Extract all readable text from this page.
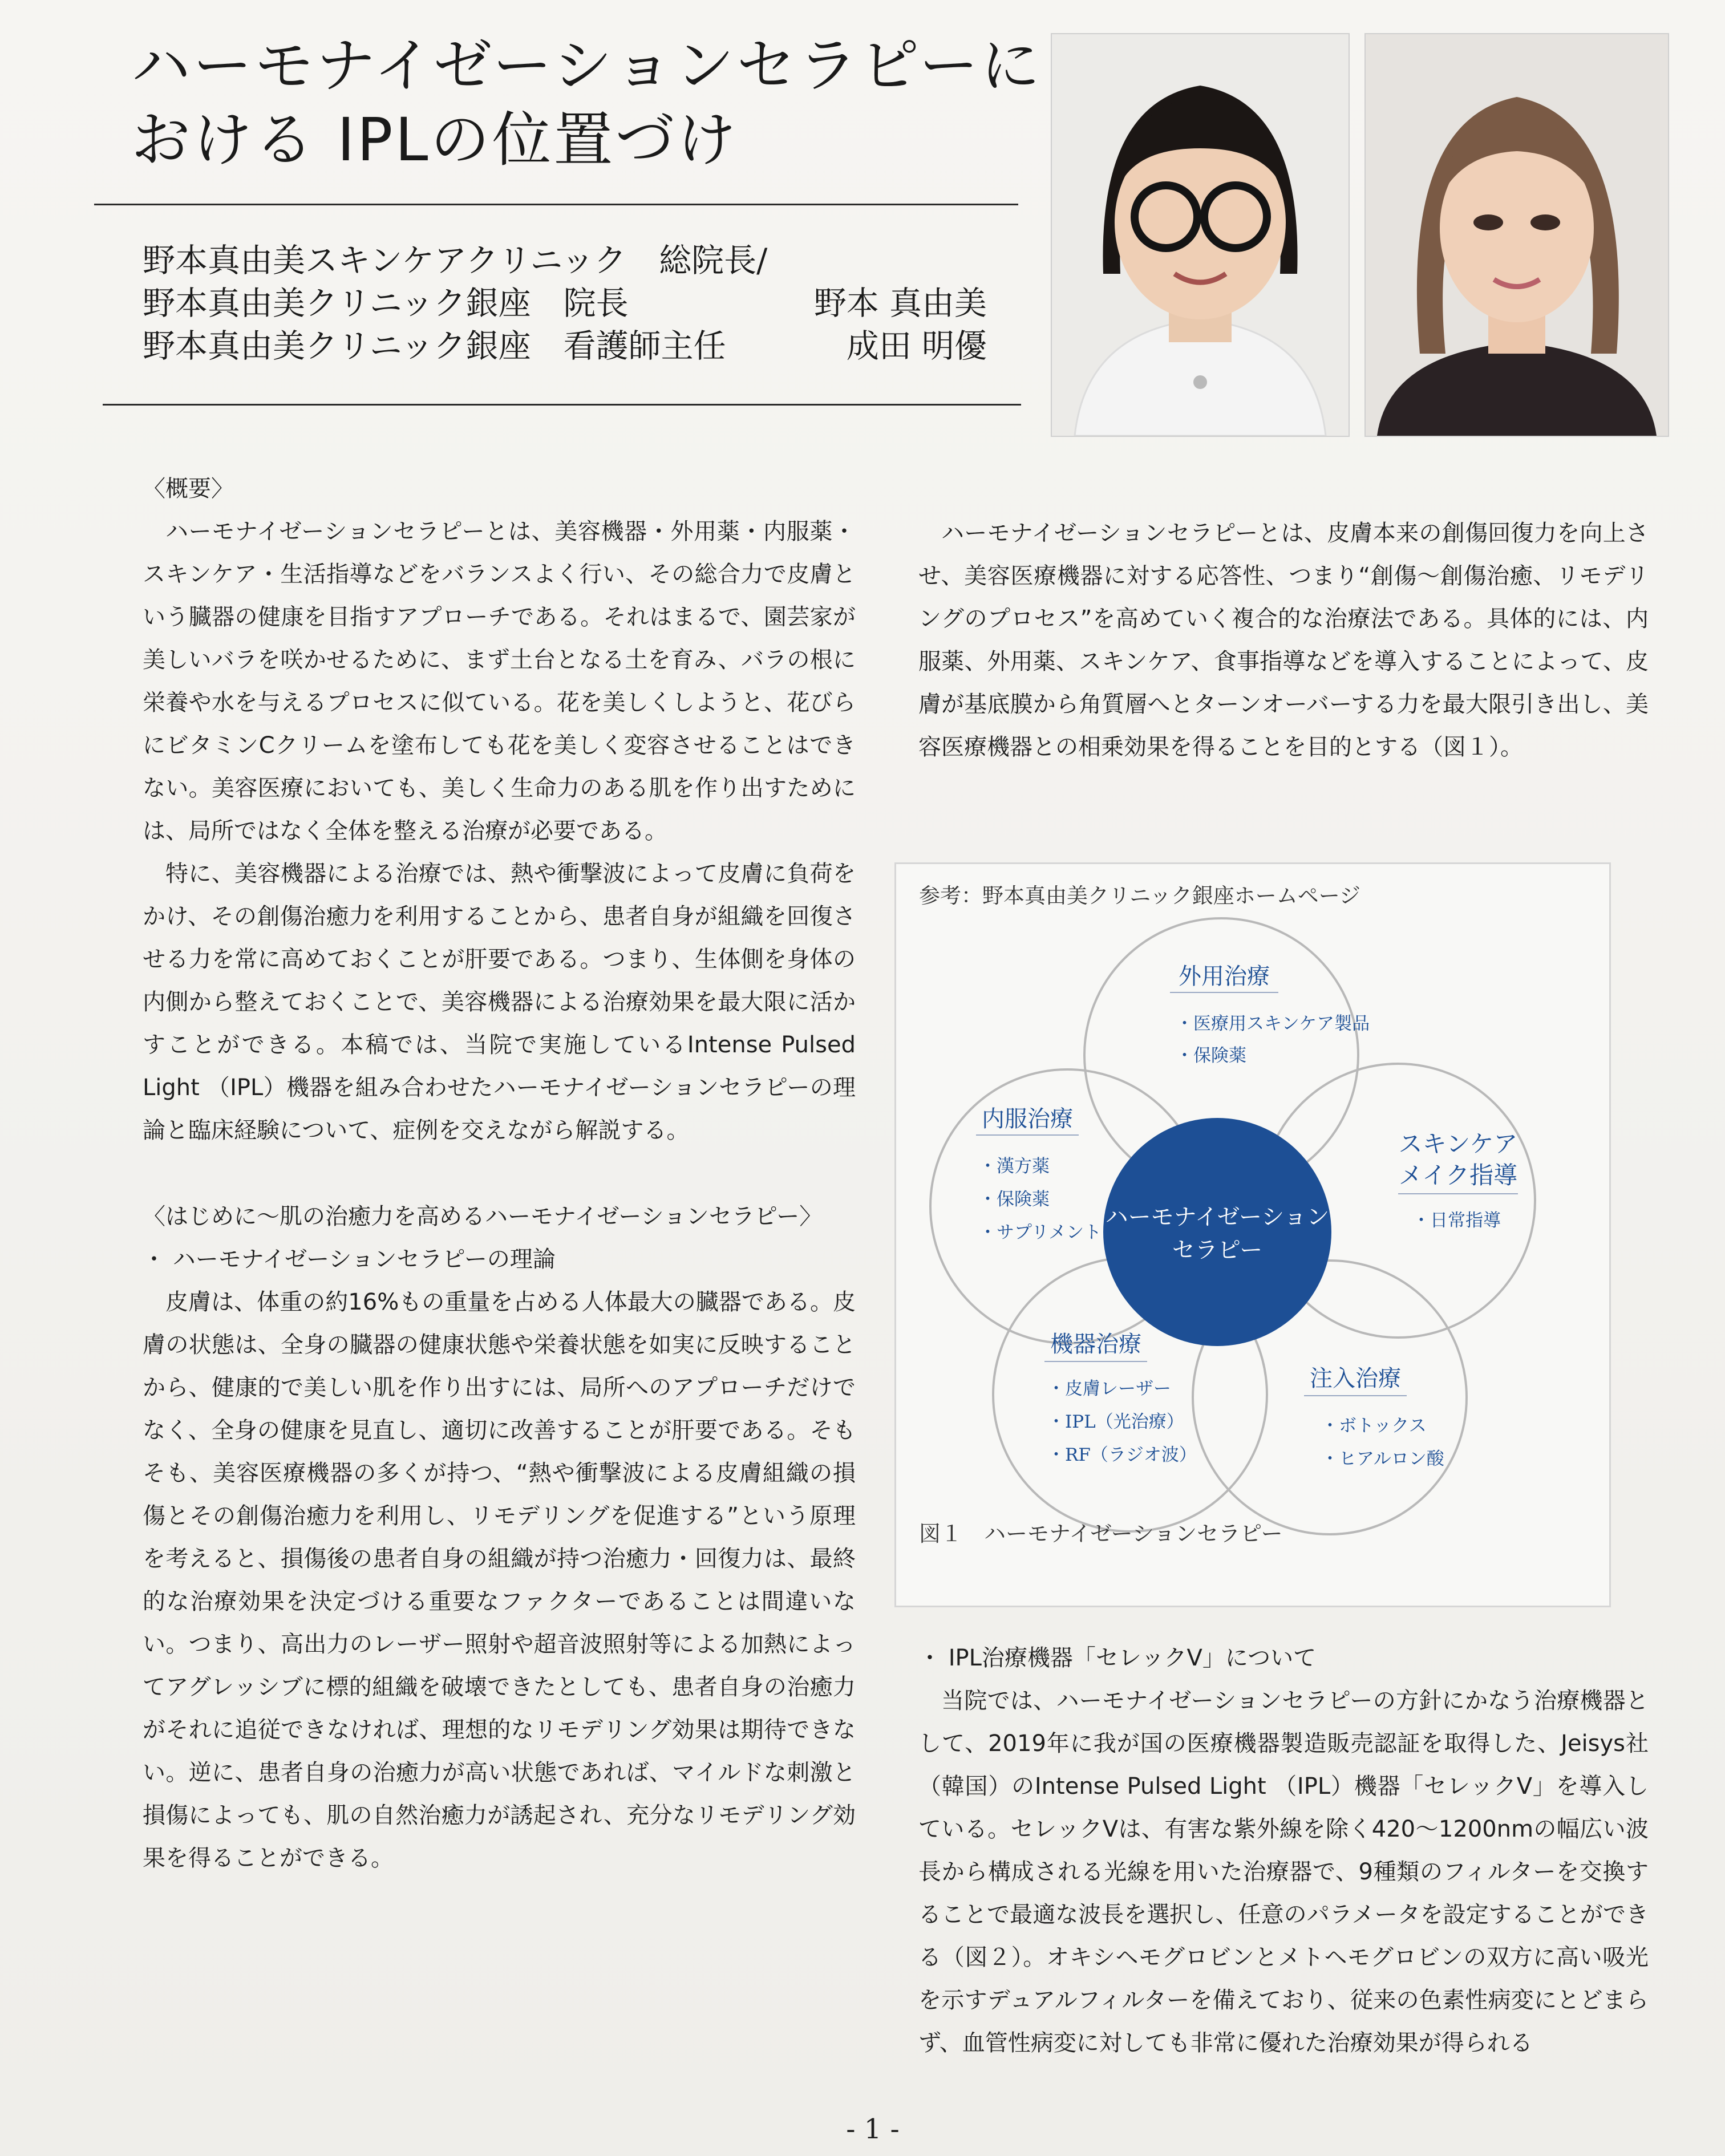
ハーモナイゼーションセラピーに
おける IPLの位置づけ
野本真由美スキンケアクリニック　総院長/
野本真由美クリニック銀座　院長	野本 真由美
野本真由美クリニック銀座　看護師主任	成田 明優

〈概要〉

ハーモナイゼーションセラピーとは、美容機器・外用薬・内服薬・スキンケア・生活指導などをバランスよく行い、その総合力で皮膚という臓器の健康を目指すアプローチである。それはまるで、園芸家が美しいバラを咲かせるために、まず土台となる土を育み、バラの根に栄養や水を与えるプロセスに似ている。花を美しくしようと、花びらにビタミンCクリームを塗布しても花を美しく変容させることはできない。美容医療においても、美しく生命力のある肌を作り出すためには、局所ではなく全体を整える治療が必要である。

特に、美容機器による治療では、熱や衝撃波によって皮膚に負荷をかけ、その創傷治癒力を利用することから、患者自身が組織を回復させる力を常に高めておくことが肝要である。つまり、生体側を身体の内側から整えておくことで、美容機器による治療効果を最大限に活かすことができる。本稿では、当院で実施しているIntense Pulsed Light （IPL）機器を組み合わせたハーモナイゼーションセラピーの理論と臨床経験について、症例を交えながら解説する。

〈はじめに～肌の治癒力を高めるハーモナイゼーションセラピー〉

・ ハーモナイゼーションセラピーの理論

皮膚は、体重の約16%もの重量を占める人体最大の臓器である。皮膚の状態は、全身の臓器の健康状態や栄養状態を如実に反映することから、健康的で美しい肌を作り出すには、局所へのアプローチだけでなく、全身の健康を見直し、適切に改善することが肝要である。そもそも、美容医療機器の多くが持つ、“熱や衝撃波による皮膚組織の損傷とその創傷治癒力を利用し、リモデリングを促進する”という原理を考えると、損傷後の患者自身の組織が持つ治癒力・回復力は、最終的な治療効果を決定づける重要なファクターであることは間違いない。つまり、高出力のレーザー照射や超音波照射等による加熱によってアグレッシブに標的組織を破壊できたとしても、患者自身の治癒力がそれに追従できなければ、理想的なリモデリング効果は期待できない。逆に、患者自身の治癒力が高い状態であれば、マイルドな刺激と損傷によっても、肌の自然治癒力が誘起され、充分なリモデリング効果を得ることができる。

ハーモナイゼーションセラピーとは、皮膚本来の創傷回復力を向上させ、美容医療機器に対する応答性、つまり“創傷～創傷治癒、リモデリングのプロセス”を高めていく複合的な治療法である。具体的には、内服薬、外用薬、スキンケア、食事指導などを導入することによって、皮膚が基底膜から角質層へとターンオーバーする力を最大限引き出し、美容医療機器との相乗効果を得ることを目的とする（図１）。

参考：野本真由美クリニック銀座ホームページ
ハーモナイゼーション
セラピー
外用治療
・医療用スキンケア製品
・保険薬
内服治療
・漢方薬
・保険薬
・サプリメント
スキンケア
メイク指導
・日常指導
機器治療
・皮膚レーザー
・IPL（光治療）
・RF（ラジオ波）
注入治療
・ボトックス
・ヒアルロン酸
図１　ハーモナイゼーションセラピー

・ IPL治療機器「セレックV」について

当院では、ハーモナイゼーションセラピーの方針にかなう治療機器として、2019年に我が国の医療機器製造販売認証を取得した、Jeisys社（韓国）のIntense Pulsed Light （IPL）機器「セレックV」を導入している。セレックVは、有害な紫外線を除く420～1200nmの幅広い波長から構成される光線を用いた治療器で、9種類のフィルターを交換することで最適な波長を選択し、任意のパラメータを設定することができる（図２）。オキシヘモグロビンとメトヘモグロビンの双方に高い吸光を示すデュアルフィルターを備えており、従来の色素性病変にとどまらず、血管性病変に対しても非常に優れた治療効果が得られる

- 1 -
